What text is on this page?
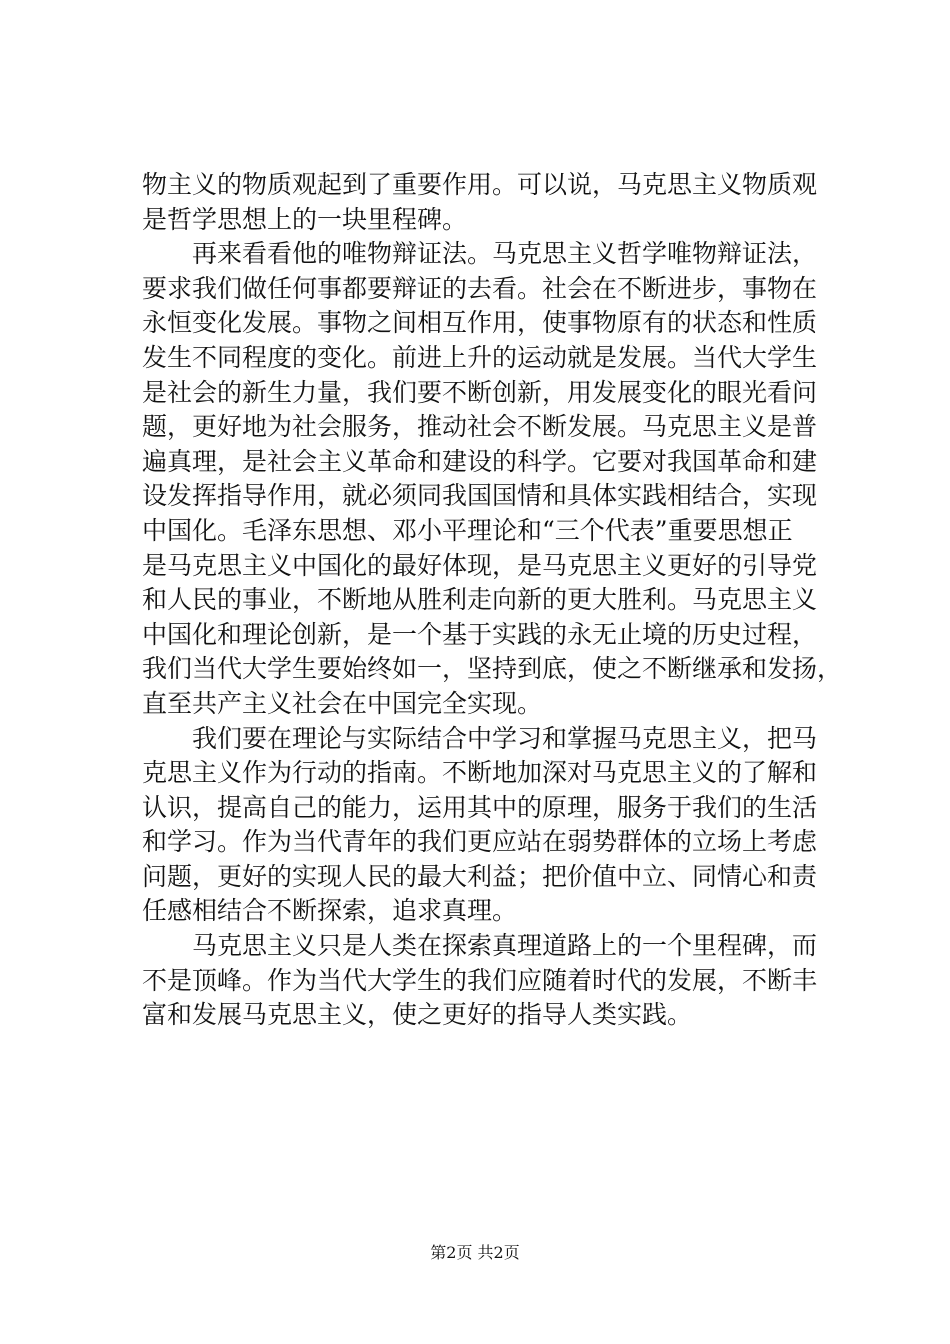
物主义的物质观起到了重要作用。可以说，马克思主义物质观
是哲学思想上的一块里程碑。

　　再来看看他的唯物辩证法。马克思主义哲学唯物辩证法，
要求我们做任何事都要辩证的去看。社会在不断进步，事物在
永恒变化发展。事物之间相互作用，使事物原有的状态和性质
发生不同程度的变化。前进上升的运动就是发展。当代大学生
是社会的新生力量，我们要不断创新，用发展变化的眼光看问
题，更好地为社会服务，推动社会不断发展。马克思主义是普
遍真理，是社会主义革命和建设的科学。它要对我国革命和建
设发挥指导作用，就必须同我国国情和具体实践相结合，实现
中国化。毛泽东思想、邓小平理论和“三个代表”重要思想正
是马克思主义中国化的最好体现，是马克思主义更好的引导党
和人民的事业，不断地从胜利走向新的更大胜利。马克思主义
中国化和理论创新，是一个基于实践的永无止境的历史过程，
我们当代大学生要始终如一，坚持到底，使之不断继承和发扬，
直至共产主义社会在中国完全实现。

　　我们要在理论与实际结合中学习和掌握马克思主义，把马
克思主义作为行动的指南。不断地加深对马克思主义的了解和
认识，提高自己的能力，运用其中的原理，服务于我们的生活
和学习。作为当代青年的我们更应站在弱势群体的立场上考虑
问题，更好的实现人民的最大利益；把价值中立、同情心和责
任感相结合不断探索，追求真理。

　　马克思主义只是人类在探索真理道路上的一个里程碑，而
不是顶峰。作为当代大学生的我们应随着时代的发展，不断丰
富和发展马克思主义，使之更好的指导人类实践。

第2页 共2页
